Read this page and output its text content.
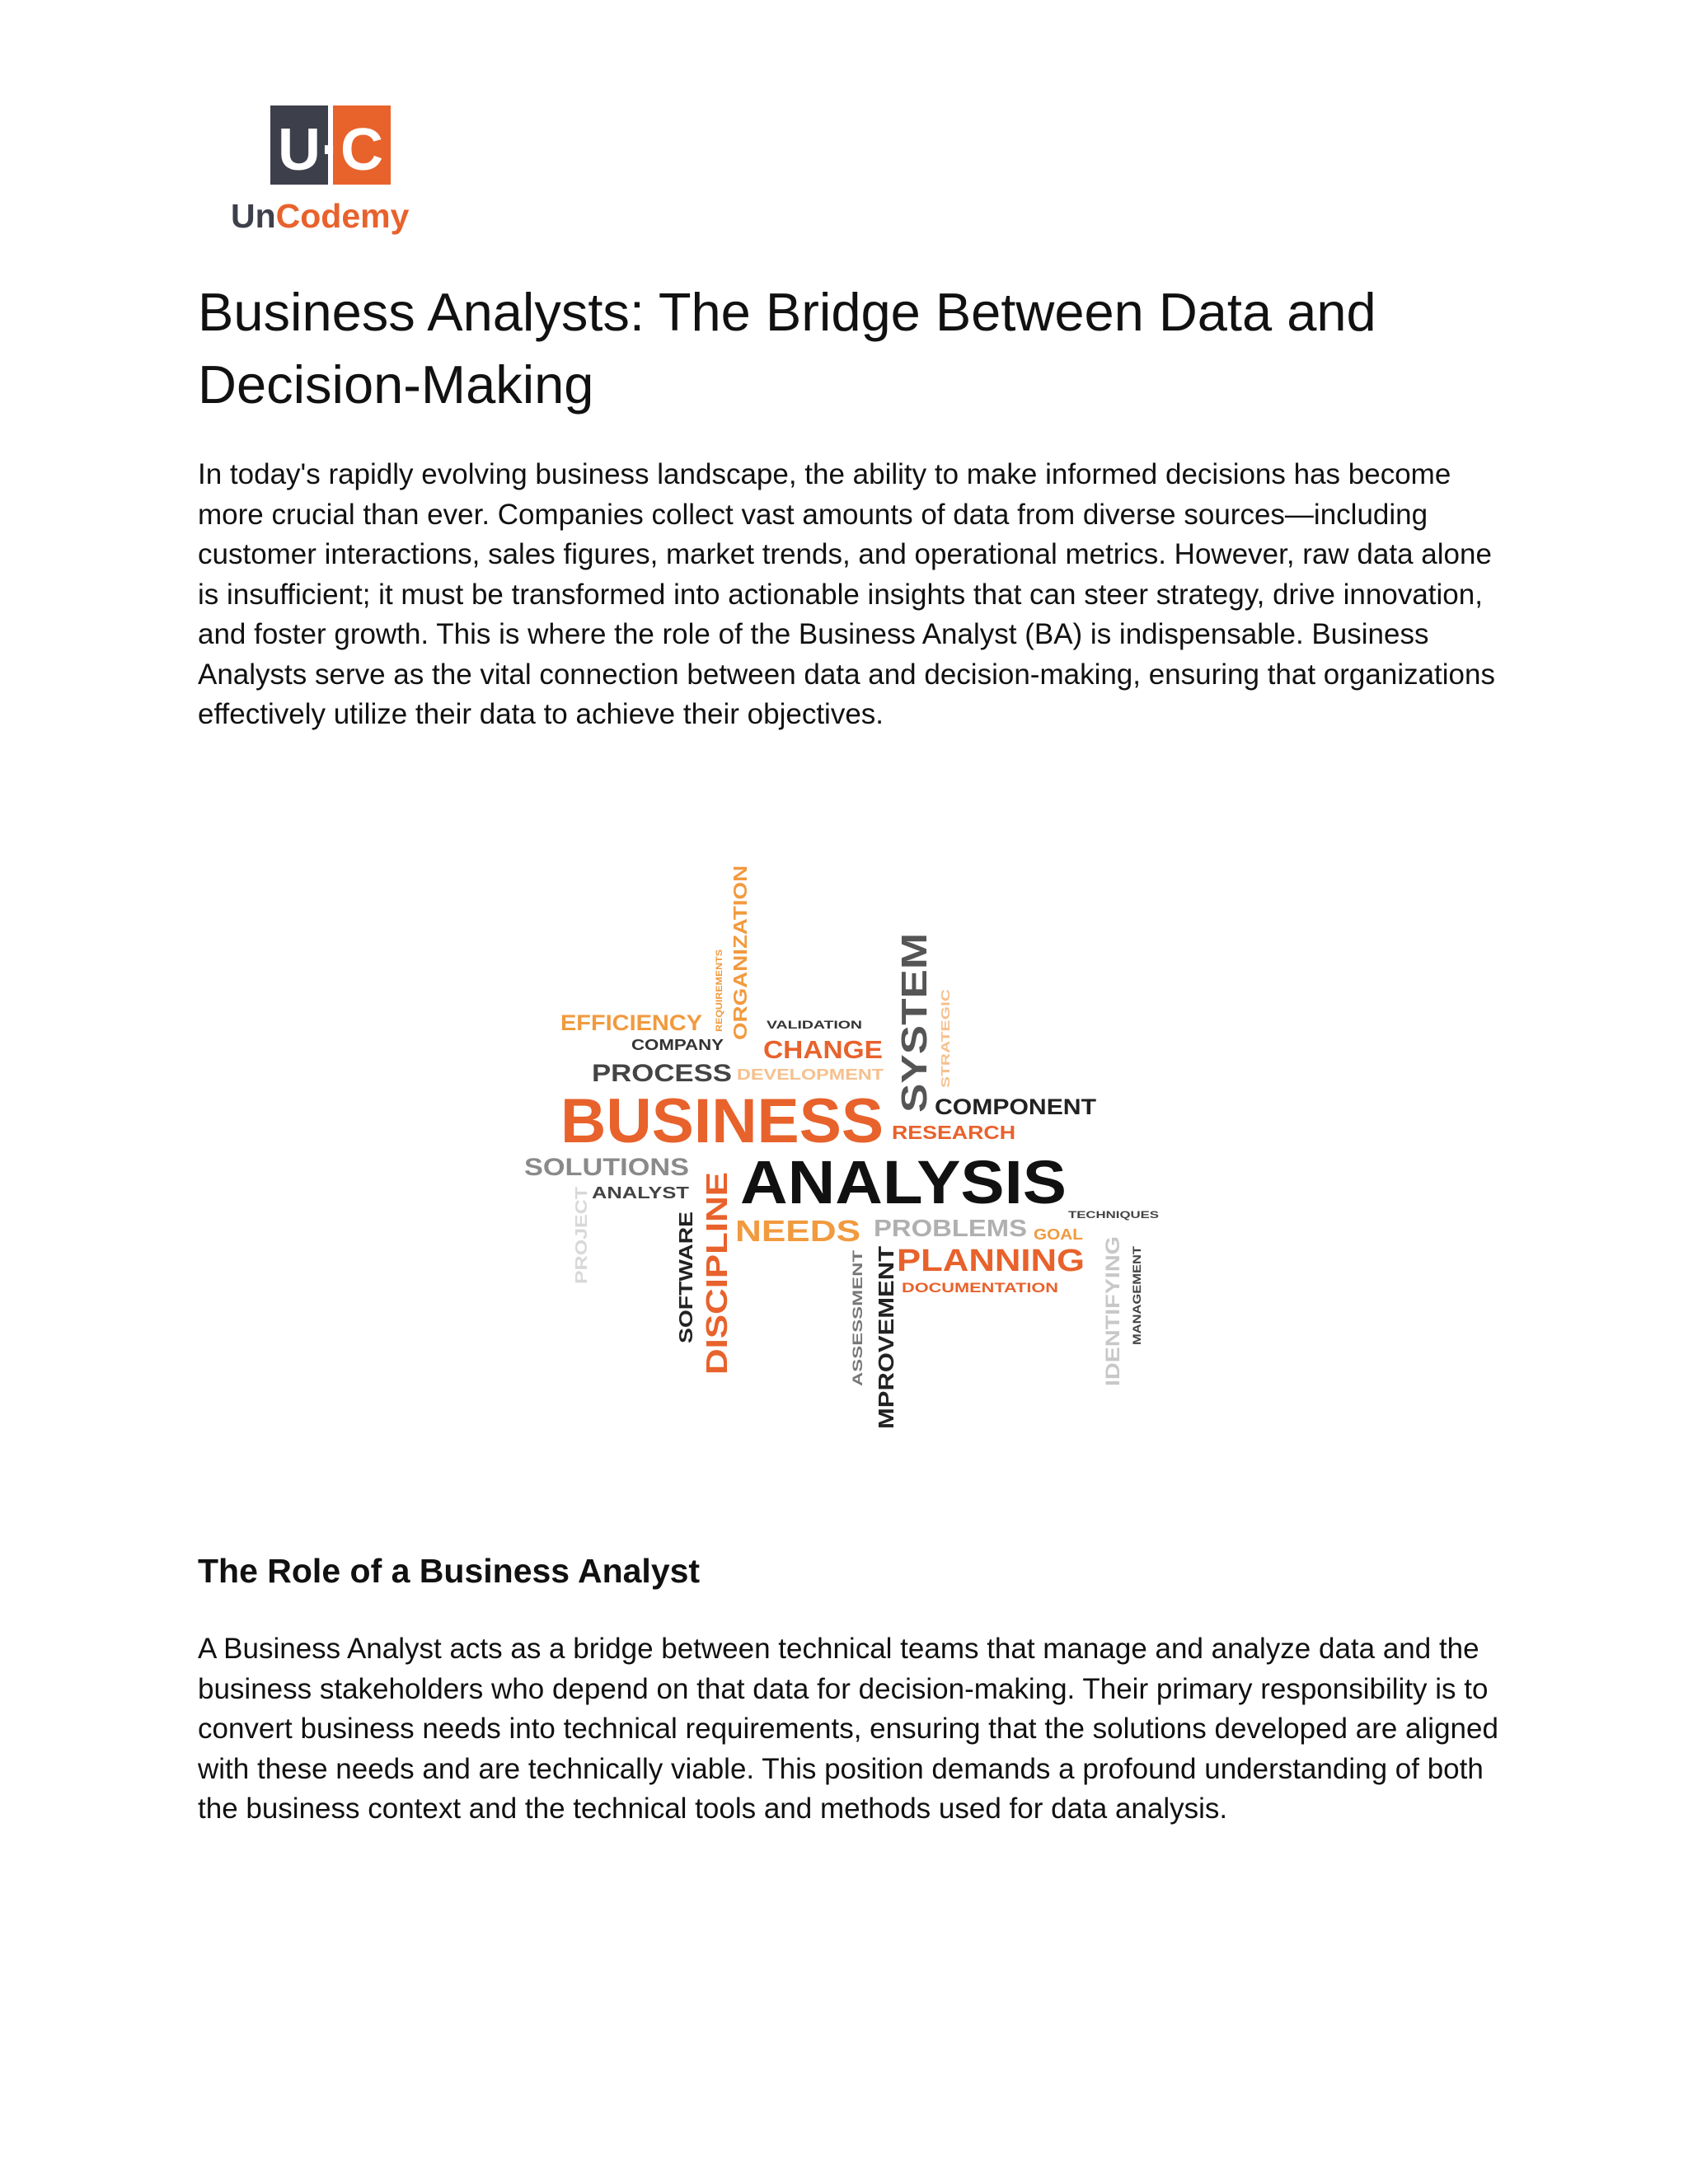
U·C
UnCodemy
Business Analysts: The Bridge Between Data and Decision-Making

In today's rapidly evolving business landscape, the ability to make informed decisions has become more crucial than ever. Companies collect vast amounts of data from diverse sources—including customer interactions, sales figures, market trends, and operational metrics. However, raw data alone is insufficient; it must be transformed into actionable insights that can steer strategy, drive innovation, and foster growth. This is where the role of the Business Analyst (BA) is indispensable. Business Analysts serve as the vital connection between data and decision-making, ensuring that organizations effectively utilize their data to achieve their objectives.

EFFICIENCY REQUIREMENTS ORGANIZATION
COMPANY
VALIDATION
CHANGE
PROCESS DEVELOPMENT SYSTEM STRATEGIC
BUSINESS COMPONENT
RESEARCH
SOLUTIONS
ANALYST ANALYSIS
PROJECT	SOFTWARE DISCIPLINE NEEDS PROBLEMS GOAL
TECHNIQUES
PLANNING
DOCUMENTATION
ASSESSMENT MPROVEMENT	IDENTIFYING MANAGEMENT
The Role of a Business Analyst

A Business Analyst acts as a bridge between technical teams that manage and analyze data and the business stakeholders who depend on that data for decision-making. Their primary responsibility is to convert business needs into technical requirements, ensuring that the solutions developed are aligned with these needs and are technically viable. This position demands a profound understanding of both the business context and the technical tools and methods used for data analysis.
